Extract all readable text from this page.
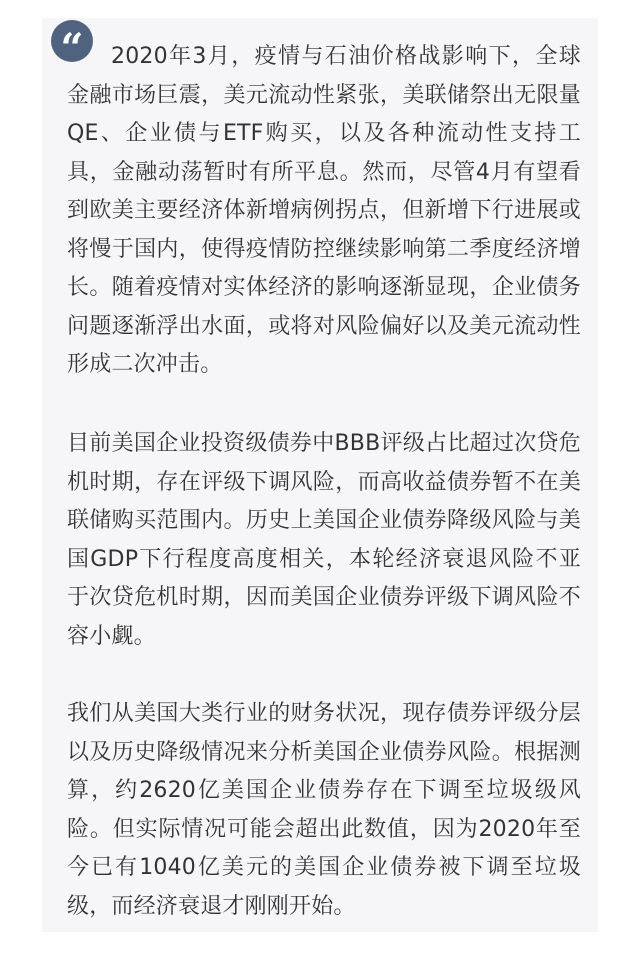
“	2020年3月，疫情与石油价格战影响下，全球金融市场巨震，美元流动性紧张，美联储祭出无限量QE、企业债与ETF购买，以及各种流动性支持工具，金融动荡暂时有所平息。然而，尽管4月有望看到欧美主要经济体新增病例拐点，但新增下行进展或将慢于国内，使得疫情防控继续影响第二季度经济增长。随着疫情对实体经济的影响逐渐显现，企业债务问题逐渐浮出水面，或将对风险偏好以及美元流动性形成二次冲击。

目前美国企业投资级债券中BBB评级占比超过次贷危机时期，存在评级下调风险，而高收益债券暂不在美联储购买范围内。历史上美国企业债券降级风险与美国GDP下行程度高度相关，本轮经济衰退风险不亚于次贷危机时期，因而美国企业债券评级下调风险不容小觑。

我们从美国大类行业的财务状况，现存债券评级分层以及历史降级情况来分析美国企业债券风险。根据测算，约2620亿美国企业债券存在下调至垃圾级风险。但实际情况可能会超出此数值，因为2020年至今已有1040亿美元的美国企业债券被下调至垃圾级，而经济衰退才刚刚开始。
